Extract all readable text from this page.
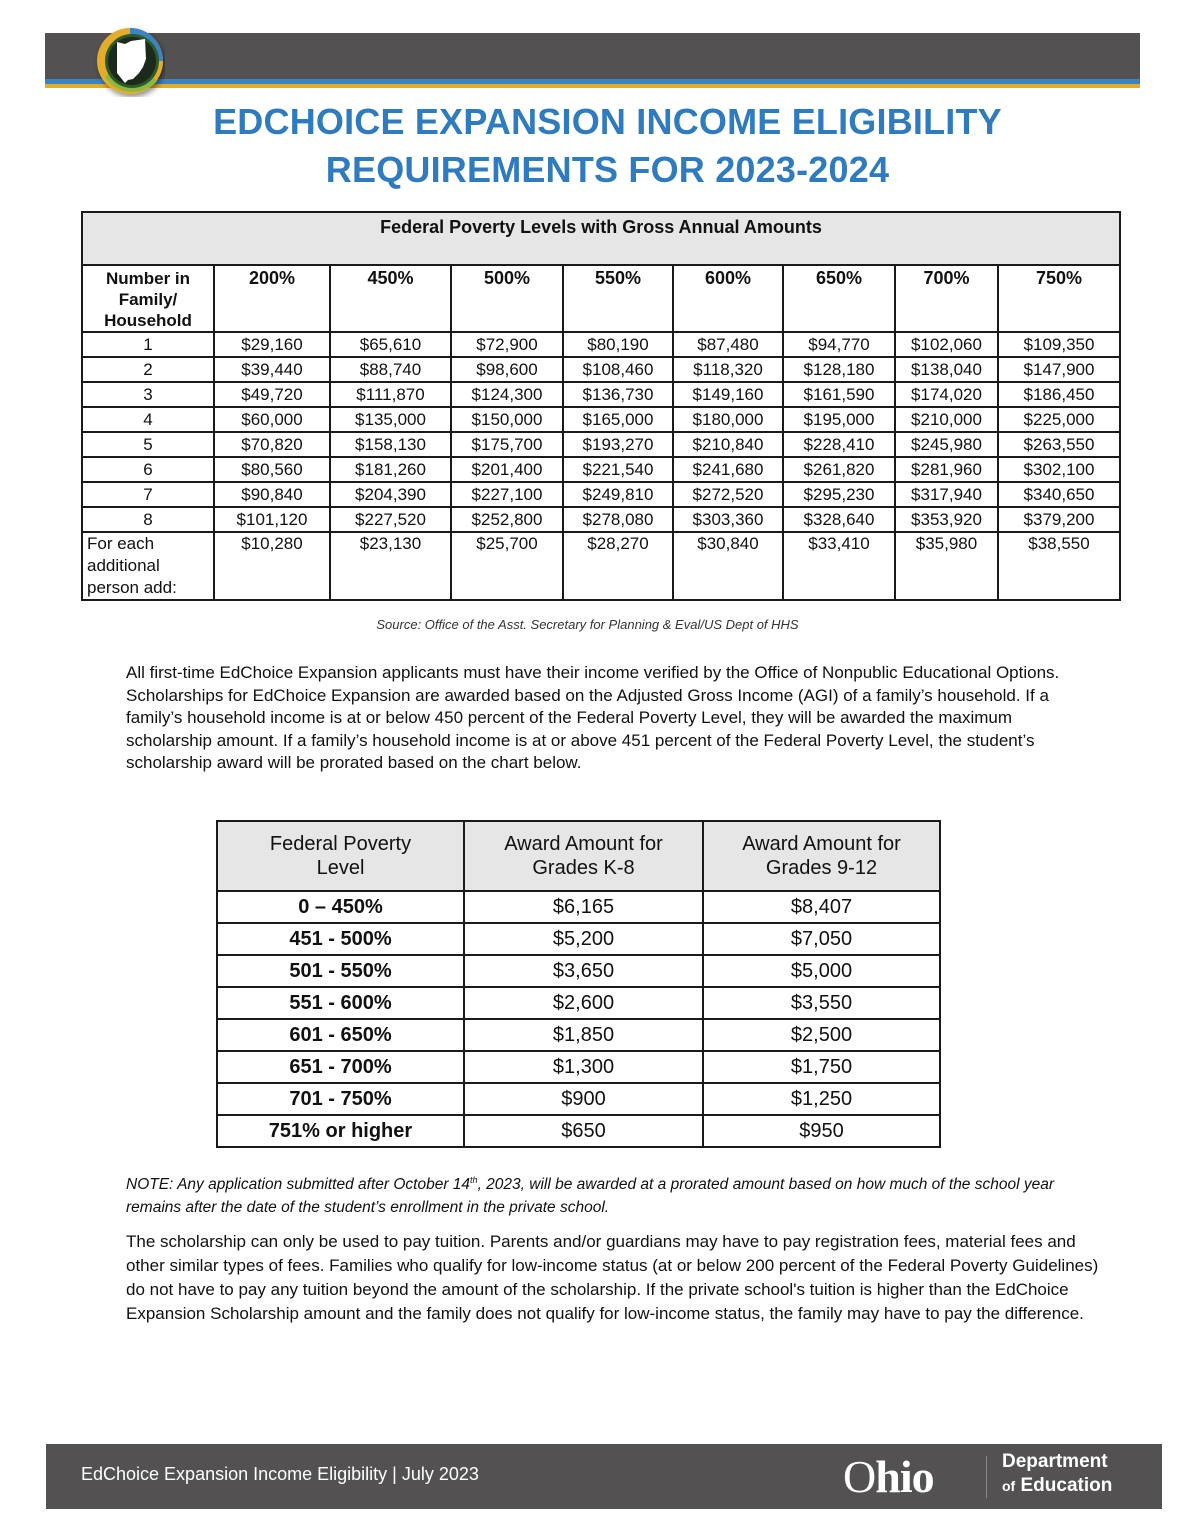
EDCHOICE EXPANSION INCOME ELIGIBILITY
REQUIREMENTS FOR 2023-2024
Federal Poverty Levels with Gross Annual Amounts								

Number in
Family/
Household	200%	450%	500%	550%	600%	650%	700%	750%
1	$29,160	$65,610	$72,900	$80,190	$87,480	$94,770	$102,060	$109,350
2	$39,440	$88,740	$98,600	$108,460	$118,320	$128,180	$138,040	$147,900
3	$49,720	$111,870	$124,300	$136,730	$149,160	$161,590	$174,020	$186,450
4	$60,000	$135,000	$150,000	$165,000	$180,000	$195,000	$210,000	$225,000
5	$70,820	$158,130	$175,700	$193,270	$210,840	$228,410	$245,980	$263,550
6	$80,560	$181,260	$201,400	$221,540	$241,680	$261,820	$281,960	$302,100
7	$90,840	$204,390	$227,100	$249,810	$272,520	$295,230	$317,940	$340,650
8	$101,120	$227,520	$252,800	$278,080	$303,360	$328,640	$353,920	$379,200

For each
additional
person add:	$10,280	$23,130	$25,700	$28,270	$30,840	$33,410	$35,980	$38,550
Source: Office of the Asst. Secretary for Planning & Eval/US Dept of HHS

All first-time EdChoice Expansion applicants must have their income verified by the Office of Nonpublic Educational Options. Scholarships for EdChoice Expansion are awarded based on the Adjusted Gross Income (AGI) of a family’s household. If a family’s household income is at or below 450 percent of the Federal Poverty Level, they will be awarded the maximum scholarship amount. If a family’s household income is at or above 451 percent of the Federal Poverty Level, the student’s scholarship award will be prorated based on the chart below.

Federal Poverty
Level

Award Amount for
Grades K-8

Award Amount for
Grades 9-12

0 – 450%	$6,165	$8,407
451 - 500%	$5,200	$7,050
501 - 550%	$3,650	$5,000
551 - 600%	$2,600	$3,550
601 - 650%	$1,850	$2,500
651 - 700%	$1,300	$1,750
701 - 750%	$900	$1,250
751% or higher	$650	$950
NOTE: Any application submitted after October 14th, 2023, will be awarded at a prorated amount based on how much of the school year remains after the date of the student’s enrollment in the private school.

The scholarship can only be used to pay tuition. Parents and/or guardians may have to pay registration fees, material fees and other similar types of fees. Families who qualify for low-income status (at or below 200 percent of the Federal Poverty Guidelines) do not have to pay any tuition beyond the amount of the scholarship. If the private school's tuition is higher than the EdChoice Expansion Scholarship amount and the family does not qualify for low-income status, the family may have to pay the difference.

EdChoice Expansion Income Eligibility | July 2023	Ohio	Department
of Education
